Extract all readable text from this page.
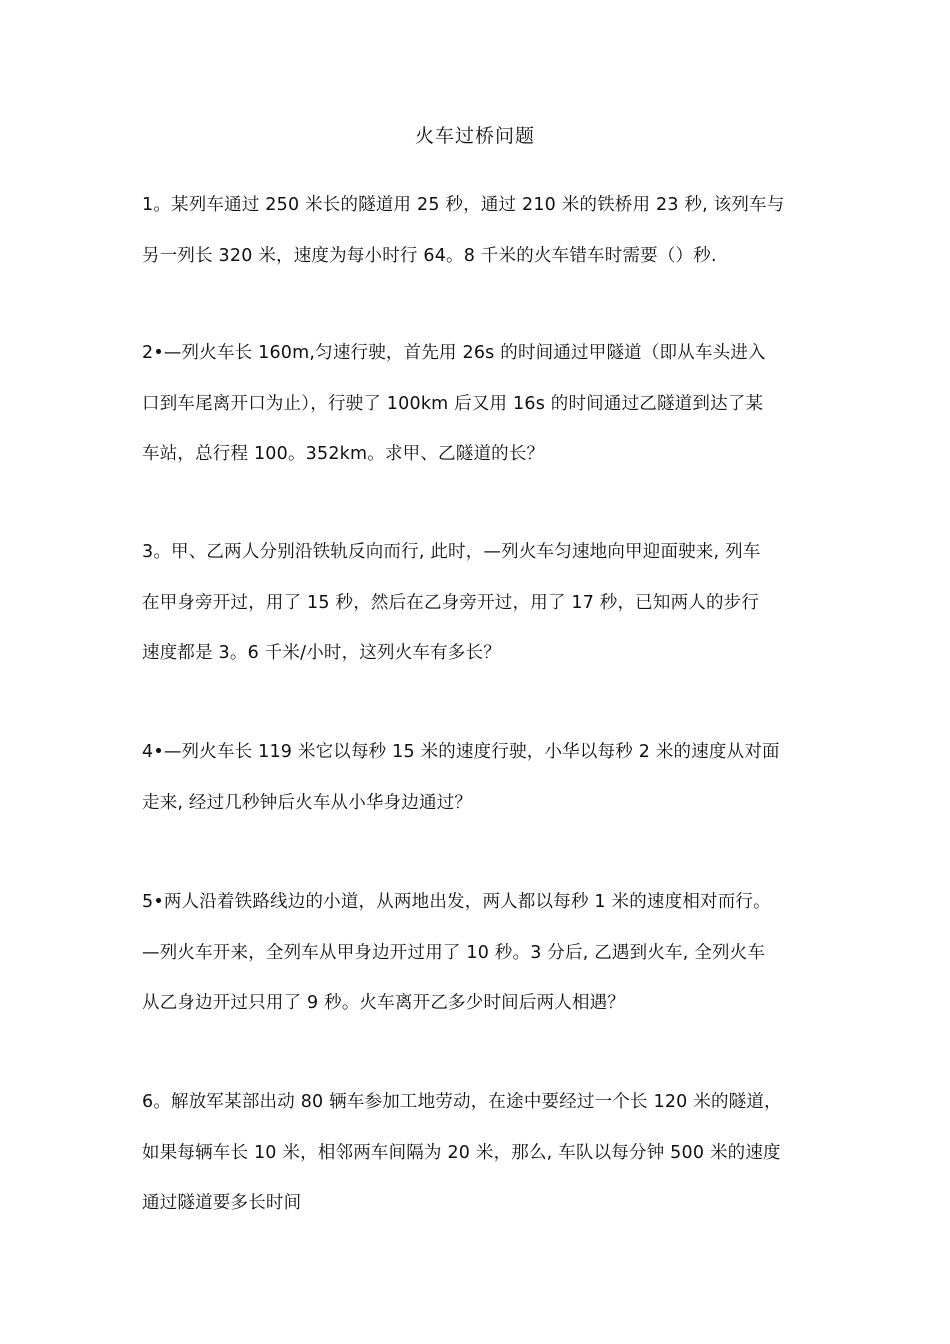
火车过桥问题
1。某列车通过 250 米长的隧道用 25 秒，通过 210 米的铁桥用 23 秒, 该列车与
另一列长 320 米，速度为每小时行 64。8 千米的火车错车时需要（）秒.
2•—列火车长 160m,匀速行驶，首先用 26s 的时间通过甲隧道（即从车头进入
口到车尾离开口为止），行驶了 100km 后又用 16s 的时间通过乙隧道到达了某
车站，总行程 100。352km。求甲、乙隧道的长？
3。甲、乙两人分别沿铁轨反向而行, 此时，—列火车匀速地向甲迎面驶来, 列车
在甲身旁开过，用了 15 秒，然后在乙身旁开过，用了 17 秒，已知两人的步行
速度都是 3。6 千米/小时，这列火车有多长？
4•—列火车长 119 米它以每秒 15 米的速度行驶，小华以每秒 2 米的速度从对面
走来, 经过几秒钟后火车从小华身边通过？
5•两人沿着铁路线边的小道，从两地出发，两人都以每秒 1 米的速度相对而行。
—列火车开来，全列车从甲身边开过用了 10 秒。3 分后, 乙遇到火车, 全列火车
从乙身边开过只用了 9 秒。火车离开乙多少时间后两人相遇？
6。解放军某部出动 80 辆车参加工地劳动，在途中要经过一个长 120 米的隧道，
如果每辆车长 10 米，相邻两车间隔为 20 米，那么, 车队以每分钟 500 米的速度
通过隧道要多长时间
